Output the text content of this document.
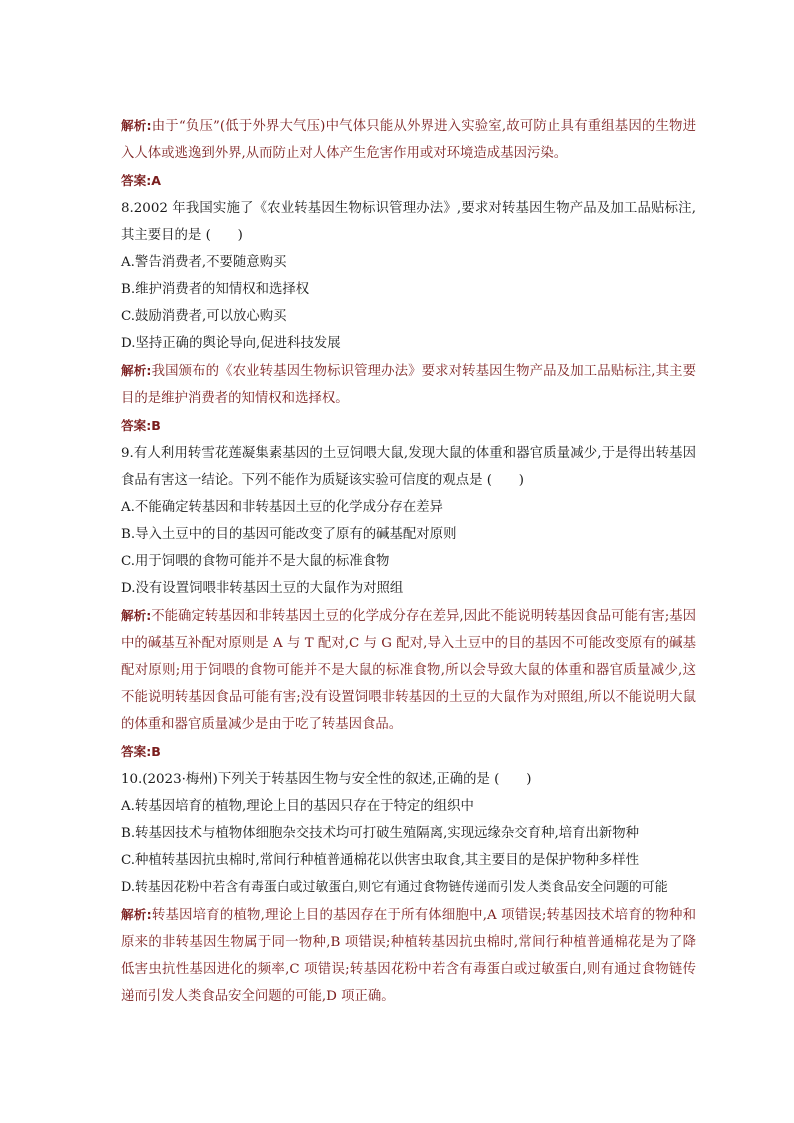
解析:由于“负压”(低于外界大气压)中气体只能从外界进入实验室,故可防止具有重组基因的生物进入人体或逃逸到外界,从而防止对人体产生危害作用或对环境造成基因污染。

答案:A

8.2002 年我国实施了《农业转基因生物标识管理办法》,要求对转基因生物产品及加工品贴标注,其主要目的是 (　　)

A.警告消费者,不要随意购买

B.维护消费者的知情权和选择权

C.鼓励消费者,可以放心购买

D.坚持正确的舆论导向,促进科技发展

解析:我国颁布的《农业转基因生物标识管理办法》要求对转基因生物产品及加工品贴标注,其主要目的是维护消费者的知情权和选择权。

答案:B

9.有人利用转雪花莲凝集素基因的土豆饲喂大鼠,发现大鼠的体重和器官质量减少,于是得出转基因食品有害这一结论。下列不能作为质疑该实验可信度的观点是 (　　)

A.不能确定转基因和非转基因土豆的化学成分存在差异

B.导入土豆中的目的基因可能改变了原有的碱基配对原则

C.用于饲喂的食物可能并不是大鼠的标准食物

D.没有设置饲喂非转基因土豆的大鼠作为对照组

解析:不能确定转基因和非转基因土豆的化学成分存在差异,因此不能说明转基因食品可能有害;基因中的碱基互补配对原则是 A 与 T 配对,C 与 G 配对,导入土豆中的目的基因不可能改变原有的碱基配对原则;用于饲喂的食物可能并不是大鼠的标准食物,所以会导致大鼠的体重和器官质量减少,这不能说明转基因食品可能有害;没有设置饲喂非转基因的土豆的大鼠作为对照组,所以不能说明大鼠的体重和器官质量减少是由于吃了转基因食品。

答案:B

10.(2023·梅州)下列关于转基因生物与安全性的叙述,正确的是 (　　)

A.转基因培育的植物,理论上目的基因只存在于特定的组织中

B.转基因技术与植物体细胞杂交技术均可打破生殖隔离,实现远缘杂交育种,培育出新物种

C.种植转基因抗虫棉时,常间行种植普通棉花以供害虫取食,其主要目的是保护物种多样性

D.转基因花粉中若含有毒蛋白或过敏蛋白,则它有通过食物链传递而引发人类食品安全问题的可能

解析:转基因培育的植物,理论上目的基因存在于所有体细胞中,A 项错误;转基因技术培育的物种和原来的非转基因生物属于同一物种,B 项错误;种植转基因抗虫棉时,常间行种植普通棉花是为了降低害虫抗性基因进化的频率,C 项错误;转基因花粉中若含有毒蛋白或过敏蛋白,则有通过食物链传递而引发人类食品安全问题的可能,D 项正确。
